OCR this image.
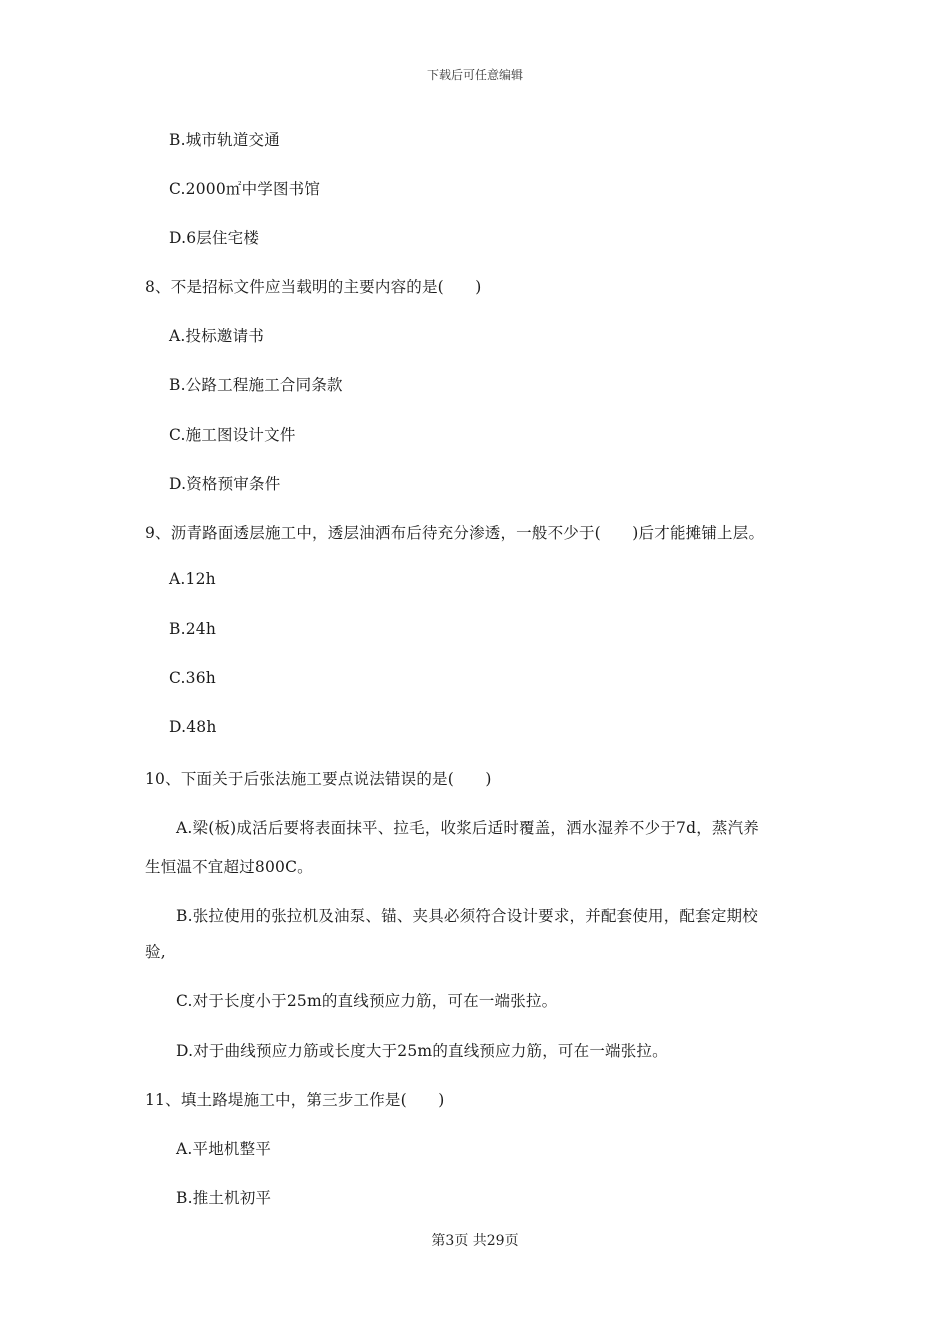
下载后可任意编辑
B.城市轨道交通
C.2000㎡中学图书馆
D.6层住宅楼
8、不是招标文件应当载明的主要内容的是(　　)
A.投标邀请书
B.公路工程施工合同条款
C.施工图设计文件
D.资格预审条件
9、沥青路面透层施工中，透层油洒布后待充分渗透，一般不少于(　　)后才能摊铺上层。
A.12h
B.24h
C.36h
D.48h
10、下面关于后张法施工要点说法错误的是(　　)
A.梁(板)成活后要将表面抹平、拉毛，收浆后适时覆盖，洒水湿养不少于7d，蒸汽养
生恒温不宜超过800C。
B.张拉使用的张拉机及油泵、锚、夹具必须符合设计要求，并配套使用，配套定期校
验,
C.对于长度小于25m的直线预应力筋，可在一端张拉。
D.对于曲线预应力筋或长度大于25m的直线预应力筋，可在一端张拉。
11、填土路堤施工中，第三步工作是(　　)
A.平地机整平
B.推土机初平
第3页 共29页
